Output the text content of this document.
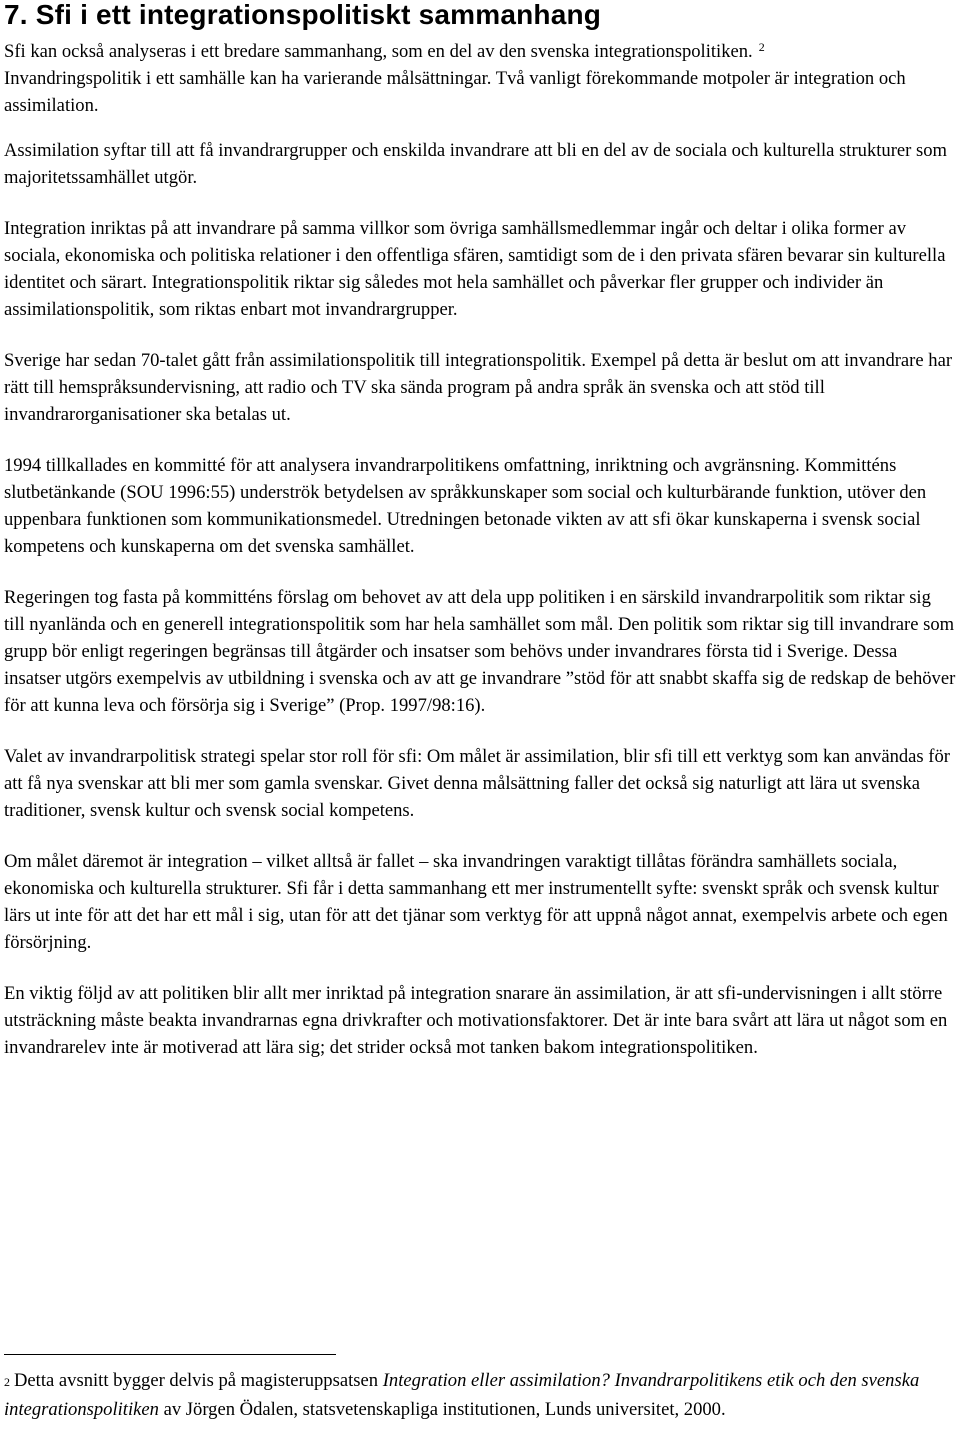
7. Sfi i ett integrationspolitiskt sammanhang

Sfi kan också analyseras i ett bredare sammanhang, som en del av den svenska integrationspolitiken. $^2$
Invandringspolitik i ett samhälle kan ha varierande målsättningar. Två vanligt förekommande motpoler är integration och assimilation.

Assimilation syftar till att få invandrargrupper och enskilda invandrare att bli en del av de sociala och kulturella strukturer som majoritetssamhället utgör.

Integration inriktas på att invandrare på samma villkor som övriga samhällsmedlemmar ingår och deltar i olika former av sociala, ekonomiska och politiska relationer i den offentliga sfären, samtidigt som de i den privata sfären bevarar sin kulturella identitet och särart. Integrationspolitik riktar sig således mot hela samhället och påverkar fler grupper och individer än assimilationspolitik, som riktas enbart mot invandrargrupper.

Sverige har sedan 70-talet gått från assimilationspolitik till integrationspolitik. Exempel på detta är beslut om att invandrare har rätt till hemspråksundervisning, att radio och TV ska sända program på andra språk än svenska och att stöd till invandrarorganisationer ska betalas ut.

1994 tillkallades en kommitté för att analysera invandrarpolitikens omfattning, inriktning och avgränsning. Kommitténs slutbetänkande (SOU 1996:55) underströk betydelsen av språkkunskaper som social och kulturbärande funktion, utöver den uppenbara funktionen som kommunikationsmedel. Utredningen betonade vikten av att sfi ökar kunskaperna i svensk social kompetens och kunskaperna om det svenska samhället.

Regeringen tog fasta på kommitténs förslag om behovet av att dela upp politiken i en särskild invandrarpolitik som riktar sig till nyanlända och en generell integrationspolitik som har hela samhället som mål. Den politik som riktar sig till invandrare som grupp bör enligt regeringen begränsas till åtgärder och insatser som behövs under invandrares första tid i Sverige. Dessa insatser utgörs exempelvis av utbildning i svenska och av att ge invandrare ”stöd för att snabbt skaffa sig de redskap de behöver för att kunna leva och försörja sig i Sverige” (Prop. 1997/98:16).

Valet av invandrarpolitisk strategi spelar stor roll för sfi: Om målet är assimilation, blir sfi till ett verktyg som kan användas för att få nya svenskar att bli mer som gamla svenskar. Givet denna målsättning faller det också sig naturligt att lära ut svenska traditioner, svensk kultur och svensk social kompetens.

Om målet däremot är integration – vilket alltså är fallet – ska invandringen varaktigt tillåtas förändra samhällets sociala, ekonomiska och kulturella strukturer. Sfi får i detta sammanhang ett mer instrumentellt syfte: svenskt språk och svensk kultur lärs ut inte för att det har ett mål i sig, utan för att det tjänar som verktyg för att uppnå något annat, exempelvis arbete och egen försörjning.

En viktig följd av att politiken blir allt mer inriktad på integration snarare än assimilation, är att sfi-undervisningen i allt större utsträckning måste beakta invandrarnas egna drivkrafter och motivationsfaktorer. Det är inte bara svårt att lära ut något som en invandrarelev inte är motiverad att lära sig; det strider också mot tanken bakom integrationspolitiken.

$^2$ Detta avsnitt bygger delvis på magisteruppsatsen Integration eller assimilation? Invandrarpolitikens etik och den svenska integrationspolitiken av Jörgen Ödalen, statsvetenskapliga institutionen, Lunds universitet, 2000.
